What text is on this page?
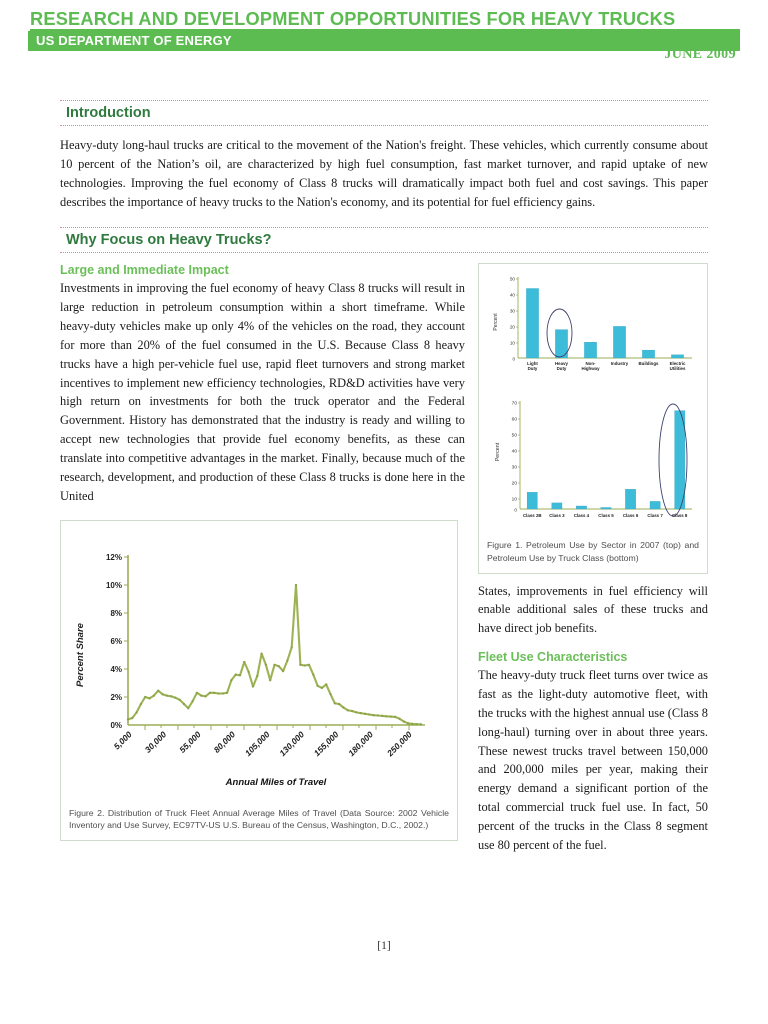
RESEARCH AND DEVELOPMENT OPPORTUNITIES FOR HEAVY TRUCKS
US DEPARTMENT OF ENERGY
JUNE 2009
Introduction

Heavy-duty long-haul trucks are critical to the movement of the Nation's freight. These vehicles, which currently consume about 10 percent of the Nation’s oil, are characterized by high fuel consumption, fast market turnover, and rapid uptake of new technologies. Improving the fuel economy of Class 8 trucks will dramatically impact both fuel and cost savings. This paper describes the importance of heavy trucks to the Nation's economy, and its potential for fuel efficiency gains.

Why Focus on Heavy Trucks?
Large and Immediate Impact

Investments in improving the fuel economy of heavy Class 8 trucks will result in large reduction in petroleum consumption within a short timeframe. While heavy-duty vehicles make up only 4% of the vehicles on the road, they account for more than 20% of the fuel consumed in the U.S. Because Class 8 heavy trucks have a high per-vehicle fuel use, rapid fleet turnovers and strong market incentives to implement new efficiency technologies, RD&D activities have very high return on investments for both the truck operator and the Federal Government. History has demonstrated that the industry is ready and willing to accept new technologies that provide fuel economy benefits, as these can translate into competitive advantages in the market. Finally, because much of the research, development, and production of these Class 8 trucks is done here in the United

Percent Share
12%
10%
8%
6%
4%
2%
0%
5,000 30,000 55,000 80,000 105,000 130,000 155,000 180,000 250,000
Annual Miles of Travel
Figure 2. Distribution of Truck Fleet Annual Average Miles of Travel (Data Source: 2002 Vehicle Inventory and Use Survey, EC97TV-US U.S. Bureau of the Census, Washington, D.C., 2002.)
Percent
50
40
30
20
10
0
Light
Duty
Heavy
Duty
Non-
Highway
Industry Buildings	Electric
Utilities
Percent
70
60
50
40
30
20
10
0
Class 2B Class 3 Class 4 Class 5 Class 6 Class 7 Class 8
Figure 1. Petroleum Use by Sector in 2007 (top) and Petroleum Use by Truck Class (bottom)

States, improvements in fuel efficiency will enable additional sales of these trucks and have direct job benefits.

Fleet Use Characteristics

The heavy-duty truck fleet turns over twice as fast as the light-duty automotive fleet, with the trucks with the highest annual use (Class 8 long-haul) turning over in about three years. These newest trucks travel between 150,000 and 200,000 miles per year, making their energy demand a significant portion of the total commercial truck fuel use. In fact, 50 percent of the trucks in the Class 8 segment use 80 percent of the fuel.

[1]
